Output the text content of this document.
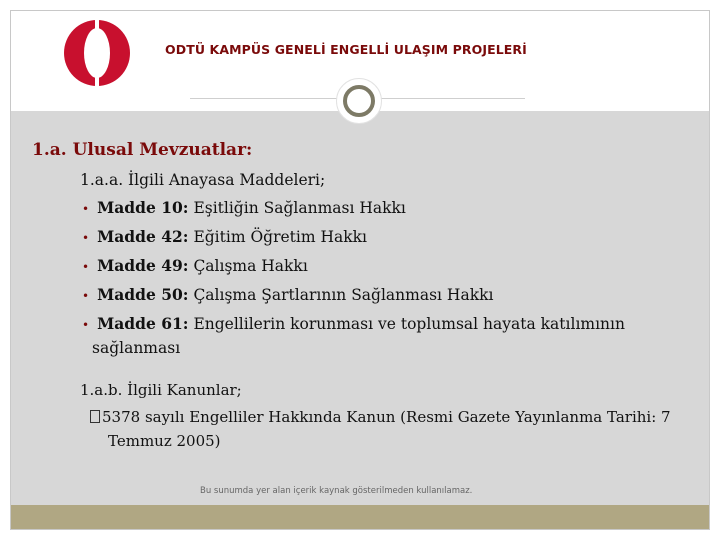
ODTÜ KAMPÜS GENELİ ENGELLİ ULAŞIM PROJELERİ
1.a. Ulusal Mevzuatlar:
1.a.a. İlgili Anayasa Maddeleri;
• Madde 10: Eşitliğin Sağlanması Hakkı
• Madde 42: Eğitim Öğretim Hakkı
• Madde 49: Çalışma Hakkı
• Madde 50: Çalışma Şartlarının Sağlanması Hakkı
• Madde 61: Engellilerin korunması ve toplumsal hayata katılımının
sağlanması
1.a.b. İlgili Kanunlar;
5378 sayılı Engelliler Hakkında Kanun (Resmi Gazete Yayınlanma Tarihi: 7
Temmuz 2005)
Bu sunumda yer alan içerik kaynak gösterilmeden kullanılamaz.
